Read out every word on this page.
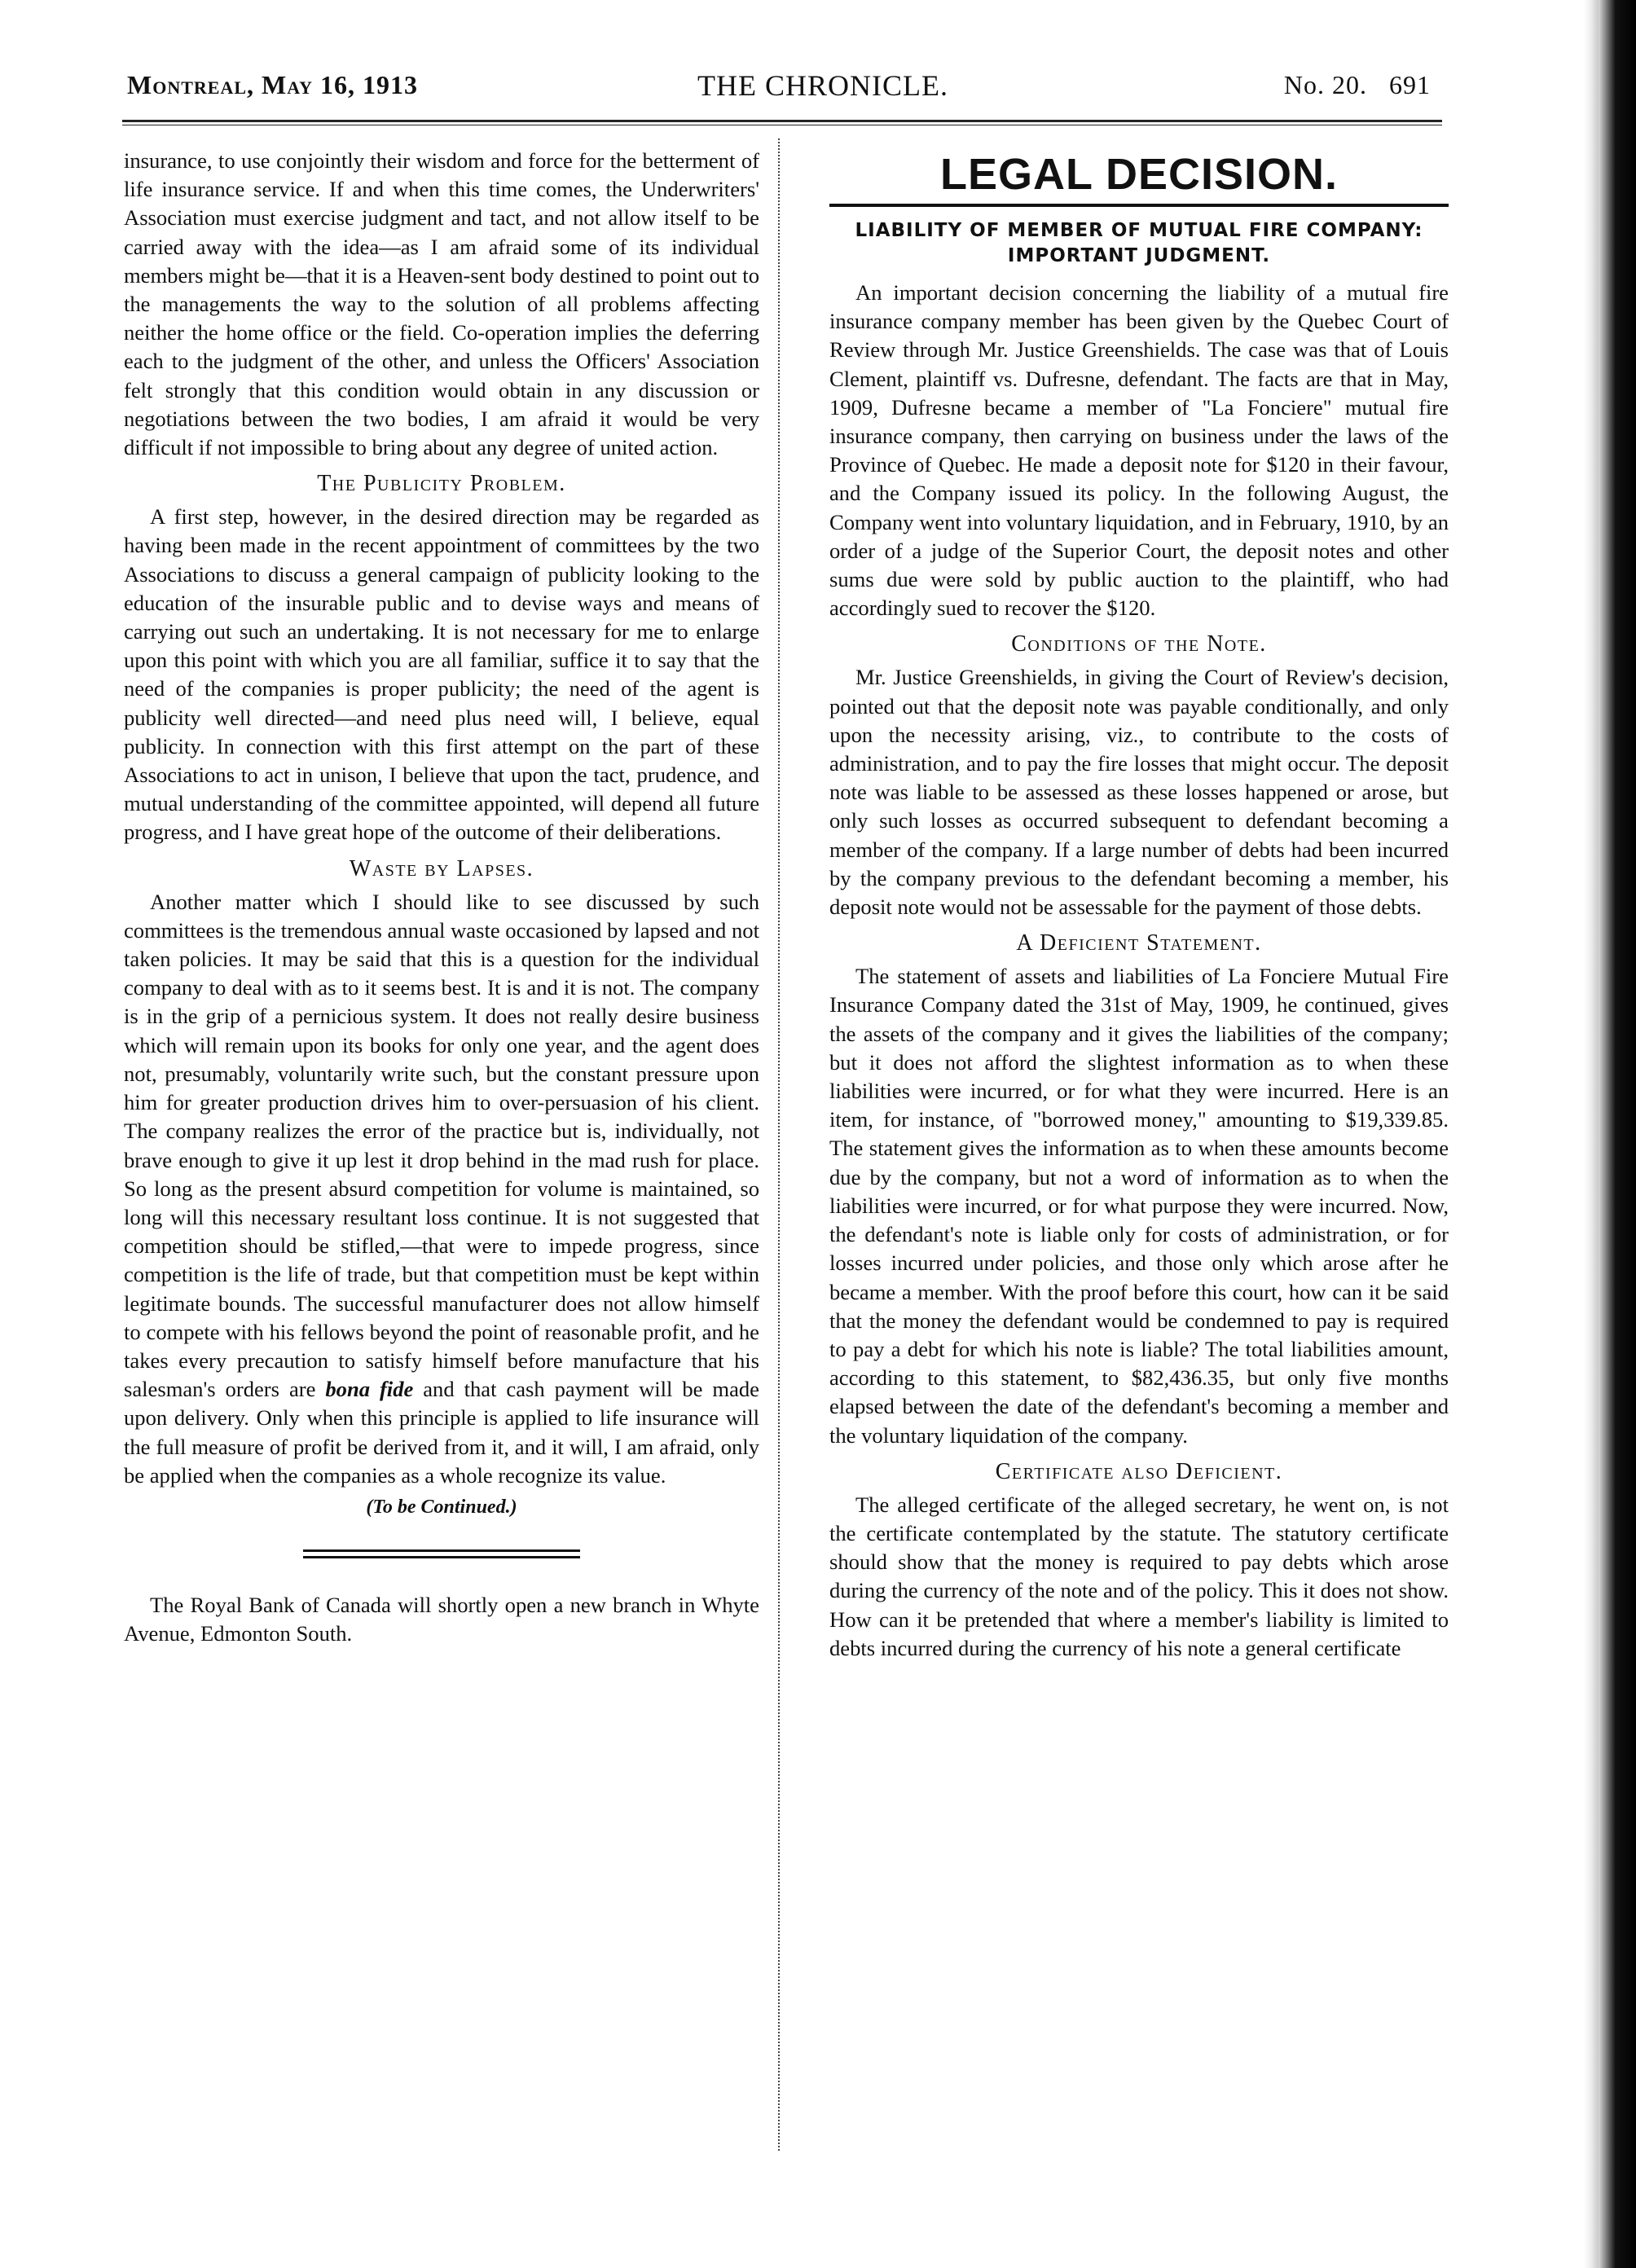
Montreal, May 16, 1913	THE CHRONICLE.	No. 20.   691

insurance, to use conjointly their wisdom and force for the betterment of life insurance service. If and when this time comes, the Underwriters' Association must exercise judgment and tact, and not allow itself to be carried away with the idea—as I am afraid some of its individual members might be—that it is a Heaven-sent body destined to point out to the managements the way to the solution of all problems affecting neither the home office or the field. Co-operation implies the deferring each to the judgment of the other, and unless the Officers' Association felt strongly that this condition would obtain in any discussion or negotiations between the two bodies, I am afraid it would be very difficult if not impossible to bring about any degree of united action.

The Publicity Problem.

A first step, however, in the desired direction may be regarded as having been made in the recent appointment of committees by the two Associations to discuss a general campaign of publicity looking to the education of the insurable public and to devise ways and means of carrying out such an undertaking. It is not necessary for me to enlarge upon this point with which you are all familiar, suffice it to say that the need of the companies is proper publicity; the need of the agent is publicity well directed—and need plus need will, I believe, equal publicity. In connection with this first attempt on the part of these Associations to act in unison, I believe that upon the tact, prudence, and mutual understanding of the committee appointed, will depend all future progress, and I have great hope of the outcome of their deliberations.

Waste by Lapses.

Another matter which I should like to see discussed by such committees is the tremendous annual waste occasioned by lapsed and not taken policies. It may be said that this is a question for the individual company to deal with as to it seems best. It is and it is not. The company is in the grip of a pernicious system. It does not really desire business which will remain upon its books for only one year, and the agent does not, presumably, voluntarily write such, but the constant pressure upon him for greater production drives him to over-persuasion of his client. The company realizes the error of the practice but is, individually, not brave enough to give it up lest it drop behind in the mad rush for place. So long as the present absurd competition for volume is maintained, so long will this necessary resultant loss continue. It is not suggested that competition should be stifled,—that were to impede progress, since competition is the life of trade, but that competition must be kept within legitimate bounds. The successful manufacturer does not allow himself to compete with his fellows beyond the point of reasonable profit, and he takes every precaution to satisfy himself before manufacture that his salesman's orders are bona fide and that cash payment will be made upon delivery. Only when this principle is applied to life insurance will the full measure of profit be derived from it, and it will, I am afraid, only be applied when the companies as a whole recognize its value.

(To be Continued.)

The Royal Bank of Canada will shortly open a new branch in Whyte Avenue, Edmonton South.

LEGAL DECISION.
LIABILITY OF MEMBER OF MUTUAL FIRE COMPANY: IMPORTANT JUDGMENT.

An important decision concerning the liability of a mutual fire insurance company member has been given by the Quebec Court of Review through Mr. Justice Greenshields. The case was that of Louis Clement, plaintiff vs. Dufresne, defendant. The facts are that in May, 1909, Dufresne became a member of "La Fonciere" mutual fire insurance company, then carrying on business under the laws of the Province of Quebec. He made a deposit note for $120 in their favour, and the Company issued its policy. In the following August, the Company went into voluntary liquidation, and in February, 1910, by an order of a judge of the Superior Court, the deposit notes and other sums due were sold by public auction to the plaintiff, who had accordingly sued to recover the $120.

Conditions of the Note.

Mr. Justice Greenshields, in giving the Court of Review's decision, pointed out that the deposit note was payable conditionally, and only upon the necessity arising, viz., to contribute to the costs of administration, and to pay the fire losses that might occur. The deposit note was liable to be assessed as these losses happened or arose, but only such losses as occurred subsequent to defendant becoming a member of the company. If a large number of debts had been incurred by the company previous to the defendant becoming a member, his deposit note would not be assessable for the payment of those debts.

A Deficient Statement.

The statement of assets and liabilities of La Fonciere Mutual Fire Insurance Company dated the 31st of May, 1909, he continued, gives the assets of the company and it gives the liabilities of the company; but it does not afford the slightest information as to when these liabilities were incurred, or for what they were incurred. Here is an item, for instance, of "borrowed money," amounting to $19,339.85. The statement gives the information as to when these amounts become due by the company, but not a word of information as to when the liabilities were incurred, or for what purpose they were incurred. Now, the defendant's note is liable only for costs of administration, or for losses incurred under policies, and those only which arose after he became a member. With the proof before this court, how can it be said that the money the defendant would be condemned to pay is required to pay a debt for which his note is liable? The total liabilities amount, according to this statement, to $82,436.35, but only five months elapsed between the date of the defendant's becoming a member and the voluntary liquidation of the company.

Certificate also Deficient.

The alleged certificate of the alleged secretary, he went on, is not the certificate contemplated by the statute. The statutory certificate should show that the money is required to pay debts which arose during the currency of the note and of the policy. This it does not show. How can it be pretended that where a member's liability is limited to debts incurred during the currency of his note a general certificate
